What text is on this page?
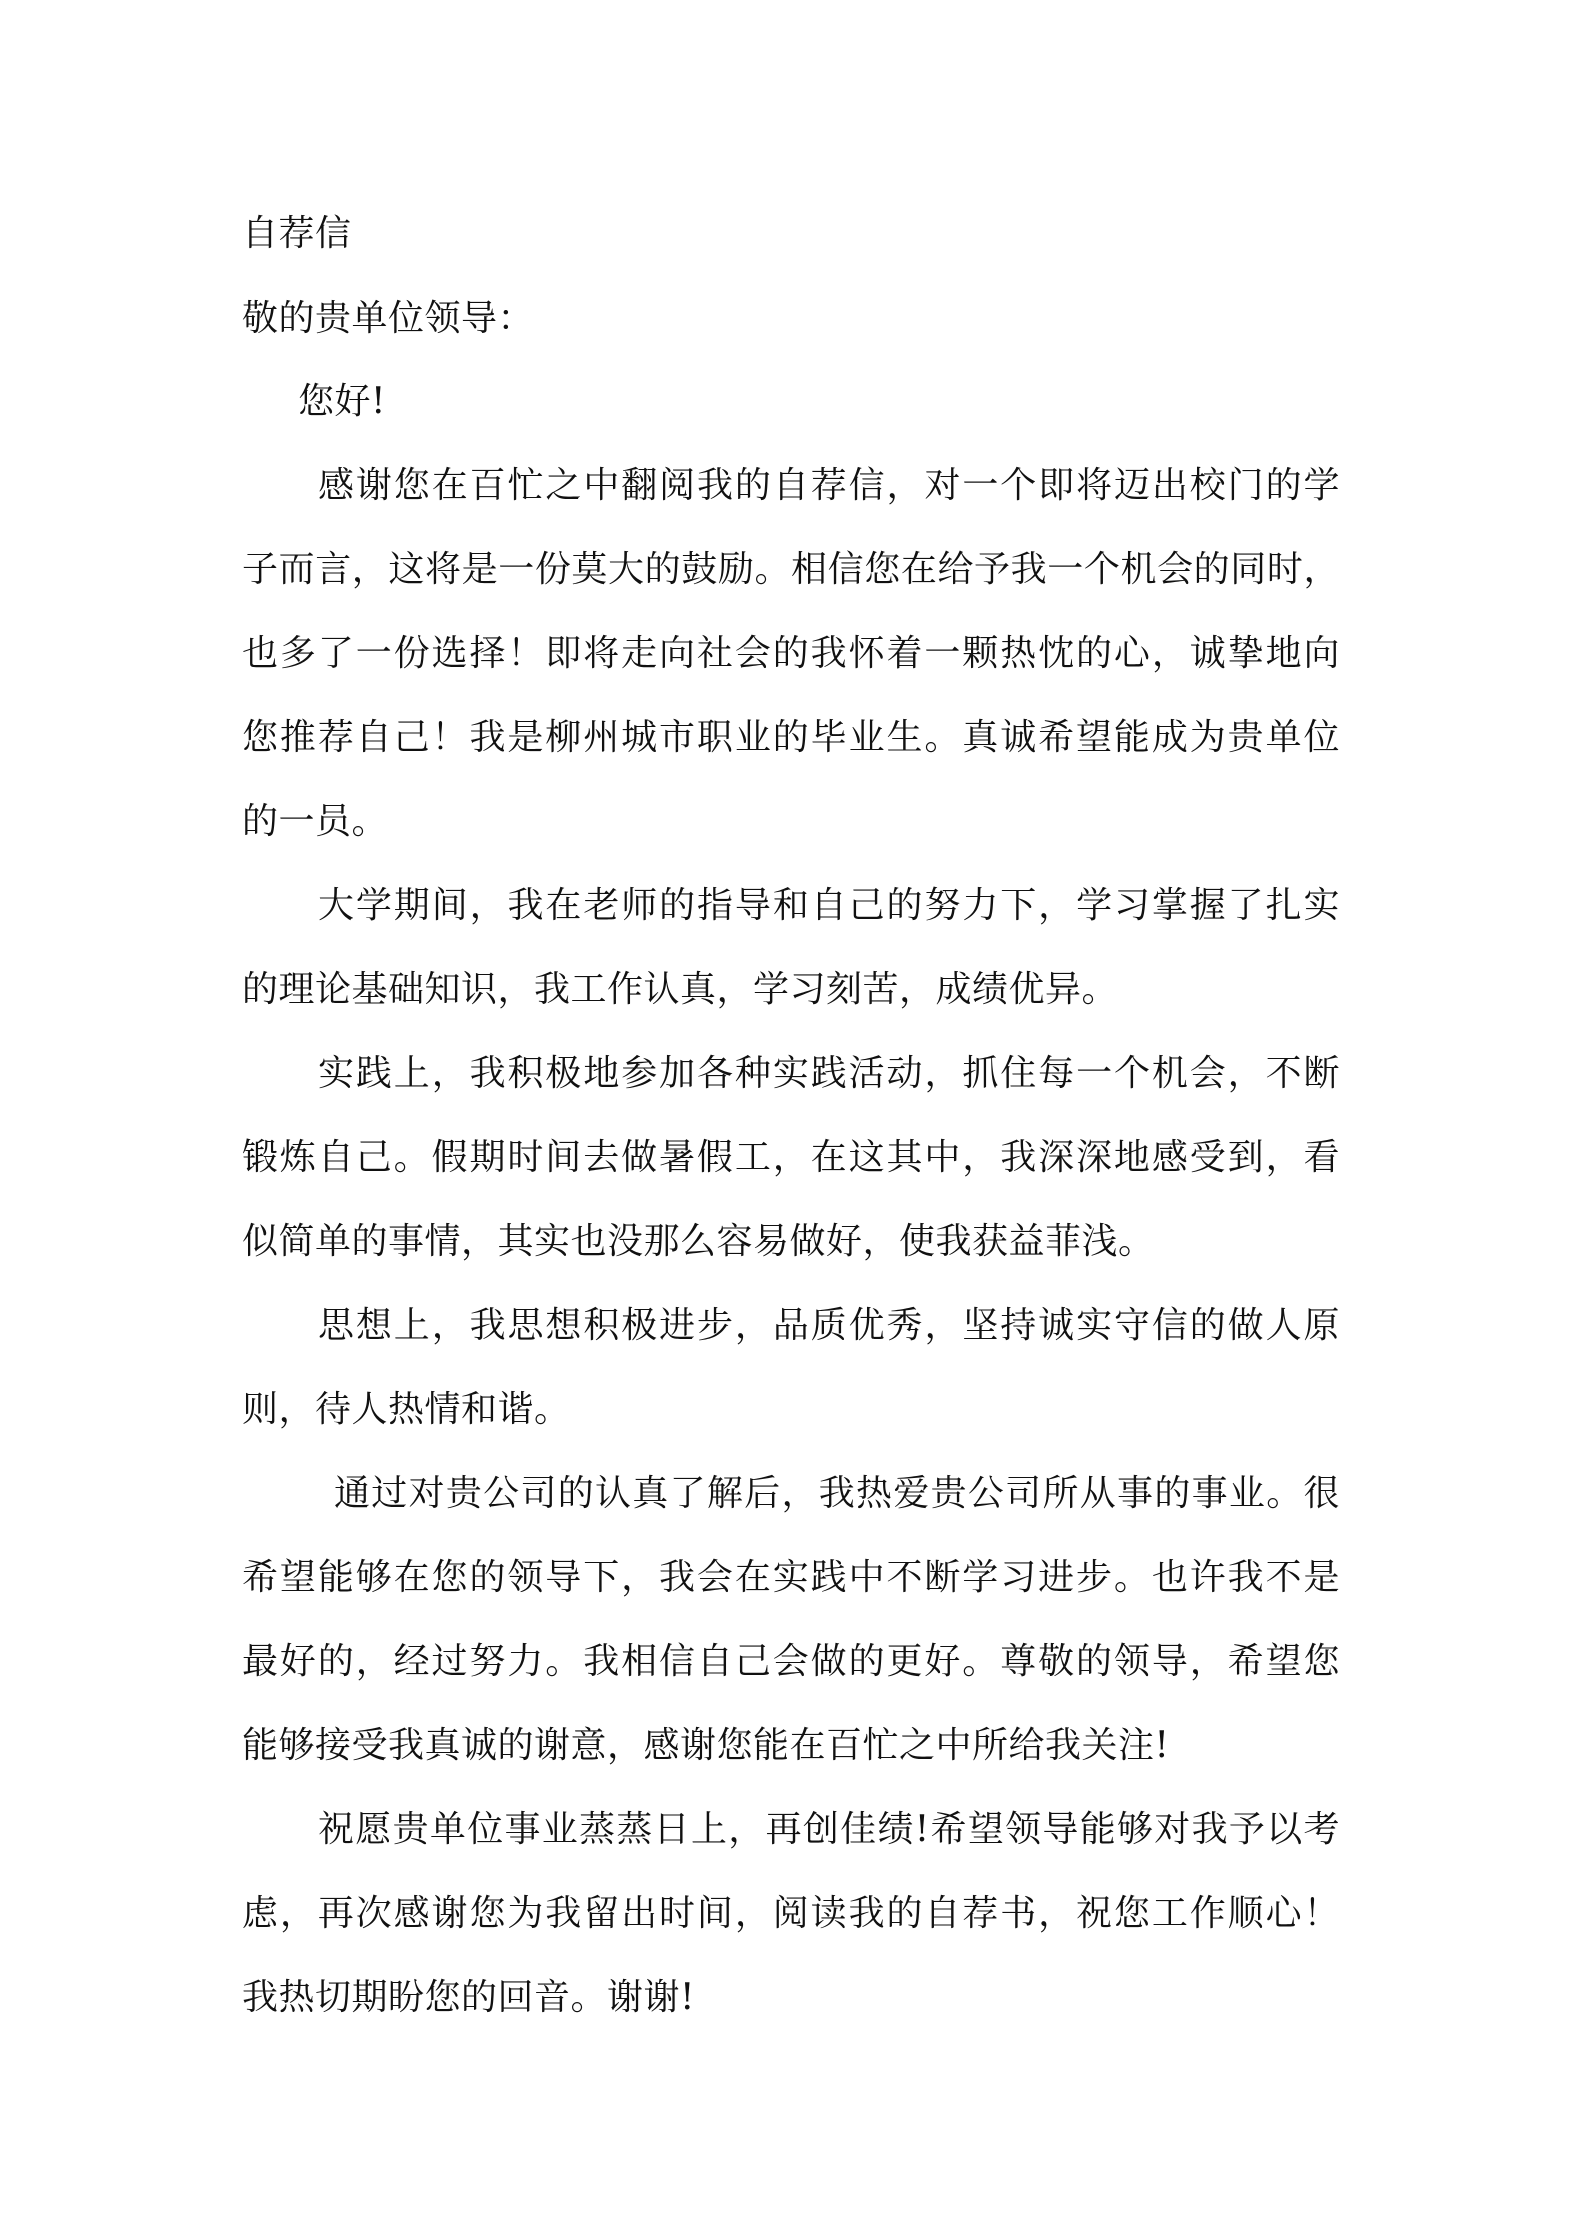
自荐信
敬的贵单位领导：
您好!
感谢您在百忙之中翻阅我的自荐信，对一个即将迈出校门的学
子而言，这将是一份莫大的鼓励。相信您在给予我一个机会的同时，
也多了一份选择！即将走向社会的我怀着一颗热忱的心，诚挚地向
您推荐自己！我是柳州城市职业的毕业生。真诚希望能成为贵单位
的一员。
大学期间，我在老师的指导和自己的努力下，学习掌握了扎实
的理论基础知识，我工作认真，学习刻苦，成绩优异。
实践上，我积极地参加各种实践活动，抓住每一个机会，不断
锻炼自己。假期时间去做暑假工，在这其中，我深深地感受到，看
似简单的事情，其实也没那么容易做好，使我获益菲浅。
思想上，我思想积极进步，品质优秀，坚持诚实守信的做人原
则，待人热情和谐。
通过对贵公司的认真了解后，我热爱贵公司所从事的事业。很
希望能够在您的领导下，我会在实践中不断学习进步。也许我不是
最好的，经过努力。我相信自己会做的更好。尊敬的领导，希望您
能够接受我真诚的谢意，感谢您能在百忙之中所给我关注!
祝愿贵单位事业蒸蒸日上，再创佳绩!希望领导能够对我予以考
虑，再次感谢您为我留出时间，阅读我的自荐书，祝您工作顺心！
我热切期盼您的回音。谢谢!
